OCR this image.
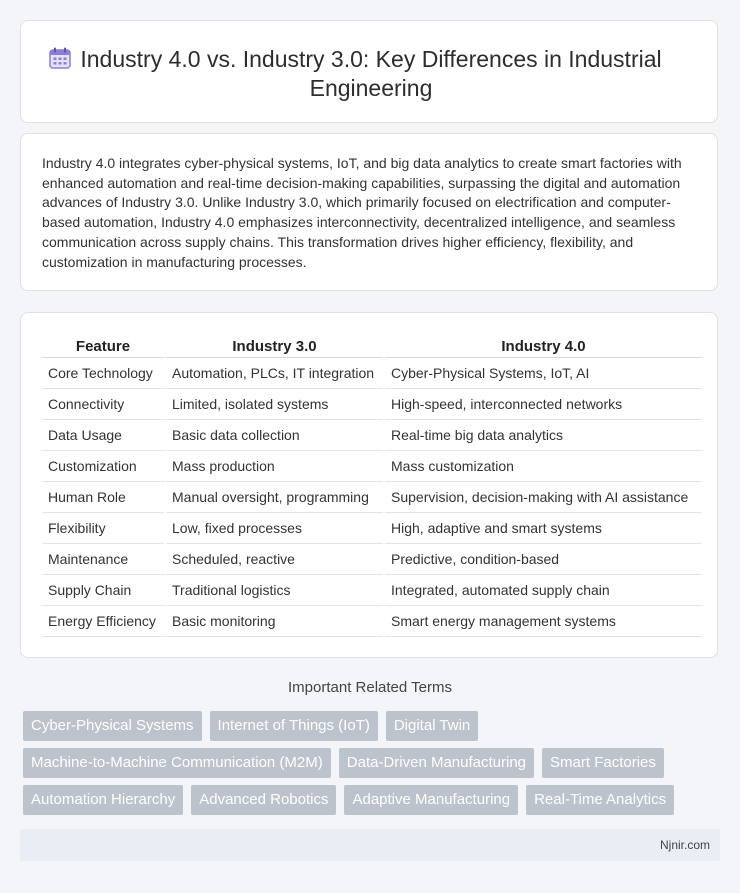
Industry 4.0 vs. Industry 3.0: Key Differences in Industrial Engineering

Industry 4.0 integrates cyber-physical systems, IoT, and big data analytics to create smart factories with enhanced automation and real-time decision-making capabilities, surpassing the digital and automation advances of Industry 3.0. Unlike Industry 3.0, which primarily focused on electrification and computer-based automation, Industry 4.0 emphasizes interconnectivity, decentralized intelligence, and seamless communication across supply chains. This transformation drives higher efficiency, flexibility, and customization in manufacturing processes.

Feature	Industry 3.0	Industry 4.0
Core Technology	Automation, PLCs, IT integration	Cyber-Physical Systems, IoT, AI
Connectivity	Limited, isolated systems	High-speed, interconnected networks
Data Usage	Basic data collection	Real-time big data analytics
Customization	Mass production	Mass customization
Human Role	Manual oversight, programming	Supervision, decision-making with AI assistance
Flexibility	Low, fixed processes	High, adaptive and smart systems
Maintenance	Scheduled, reactive	Predictive, condition-based
Supply Chain	Traditional logistics	Integrated, automated supply chain
Energy Efficiency	Basic monitoring	Smart energy management systems
Important Related Terms
Cyber-Physical Systems	Internet of Things (IoT)	Digital Twin
Machine-to-Machine Communication (M2M)	Data-Driven Manufacturing	Smart Factories
Automation Hierarchy	Advanced Robotics	Adaptive Manufacturing	Real-Time Analytics
Njnir.com
